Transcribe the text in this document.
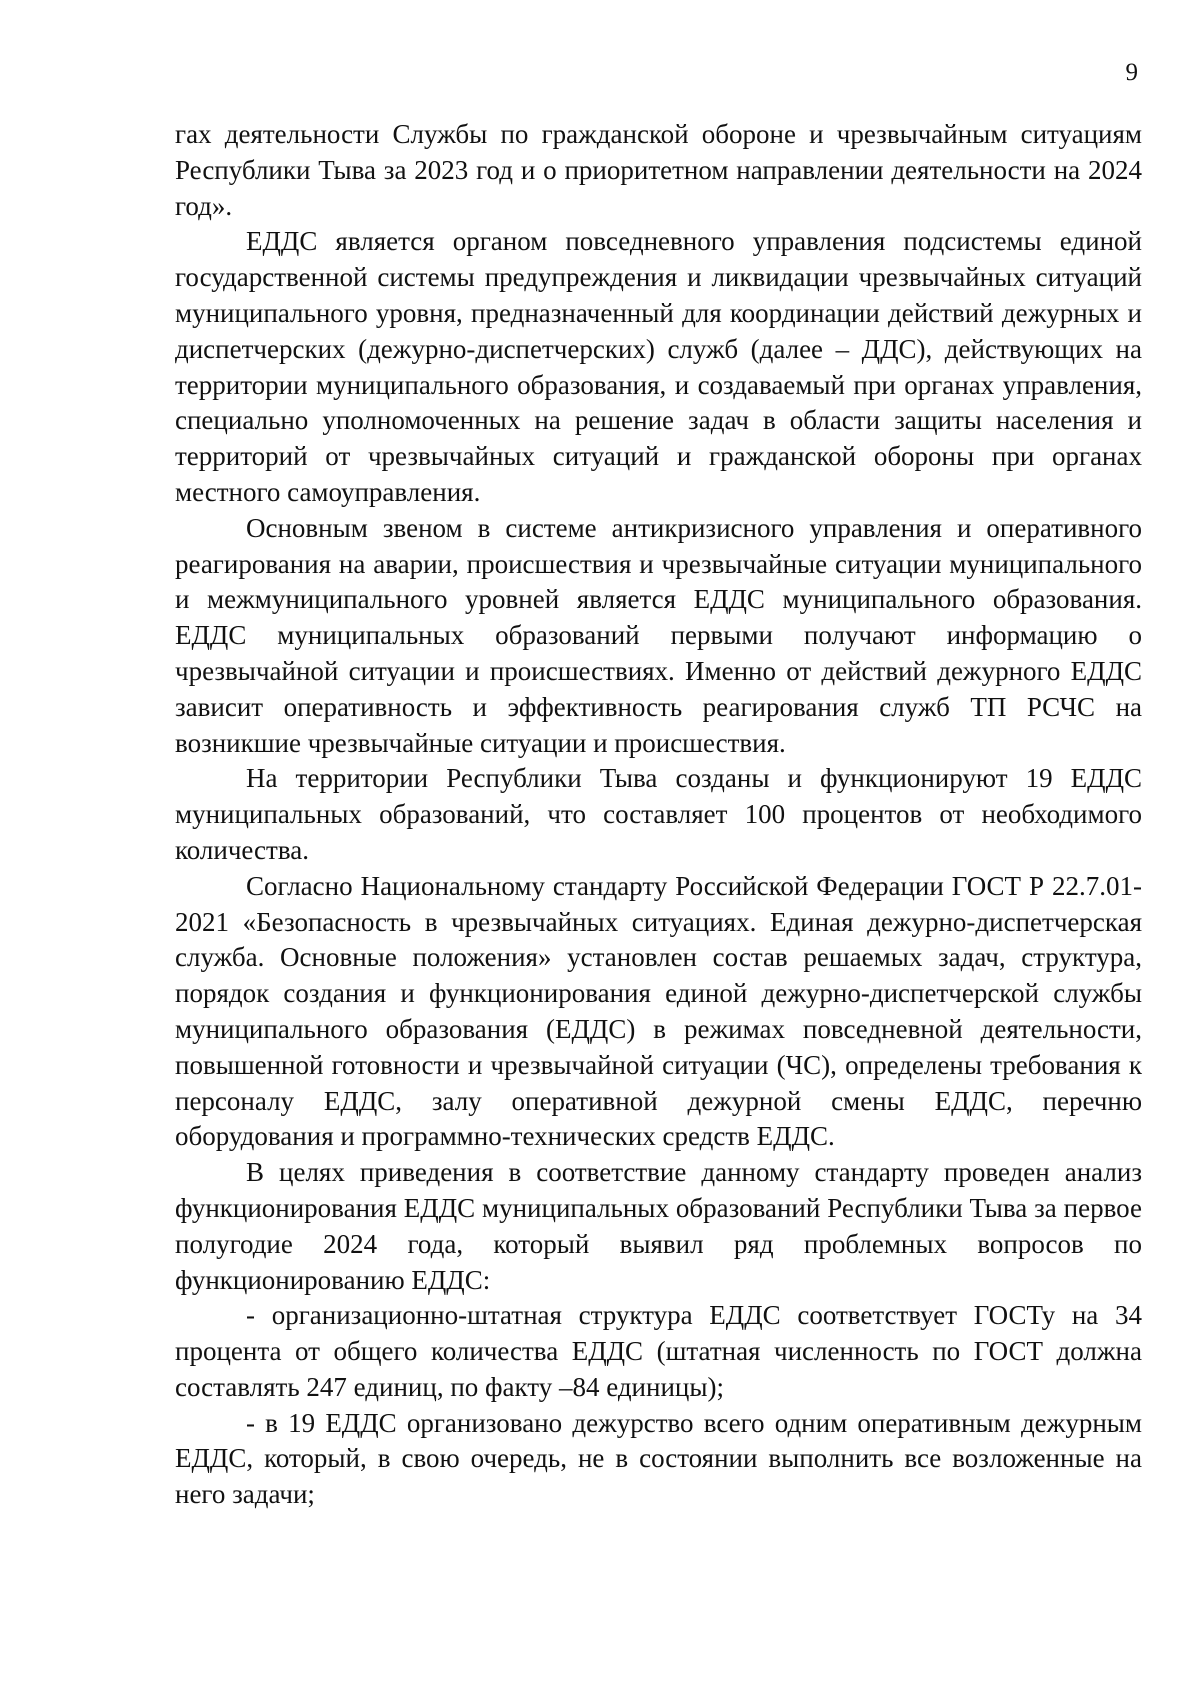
9

гах деятельности Службы по гражданской обороне и чрезвычайным ситуациям Республики Тыва за 2023 год и о приоритетном направлении деятельности на 2024 год».

ЕДДС является органом повседневного управления подсистемы единой государственной системы предупреждения и ликвидации чрезвычайных ситуаций муниципального уровня, предназначенный для координации действий дежурных и диспетчерских (дежурно-диспетчерских) служб (далее – ДДС), действующих на территории муниципального образования, и создаваемый при органах управления, специально уполномоченных на решение задач в области защиты населения и территорий от чрезвычайных ситуаций и гражданской обороны при органах местного самоуправления.

Основным звеном в системе антикризисного управления и оперативного реагирования на аварии, происшествия и чрезвычайные ситуации муниципального и межмуниципального уровней является ЕДДС муниципального образования. ЕДДС муниципальных образований первыми получают информацию о чрезвычайной ситуации и происшествиях. Именно от действий дежурного ЕДДС зависит оперативность и эффективность реагирования служб ТП РСЧС на возникшие чрезвычайные ситуации и происшествия.

На территории Республики Тыва созданы и функционируют 19 ЕДДС муниципальных образований, что составляет 100 процентов от необходимого количества.

Согласно Национальному стандарту Российской Федерации ГОСТ Р 22.7.01-2021 «Безопасность в чрезвычайных ситуациях. Единая дежурно-диспетчерская служба. Основные положения» установлен состав решаемых задач, структура, порядок создания и функционирования единой дежурно-диспетчерской службы муниципального образования (ЕДДС) в режимах повседневной деятельности, повышенной готовности и чрезвычайной ситуации (ЧС), определены требования к персоналу ЕДДС, залу оперативной дежурной смены ЕДДС, перечню оборудования и программно-технических средств ЕДДС.

В целях приведения в соответствие данному стандарту проведен анализ функционирования ЕДДС муниципальных образований Республики Тыва за первое полугодие 2024 года, который выявил ряд проблемных вопросов по функционированию ЕДДС:

- организационно-штатная структура ЕДДС соответствует ГОСТу на 34 процента от общего количества ЕДДС (штатная численность по ГОСТ должна составлять 247 единиц, по факту –84 единицы);

- в 19 ЕДДС организовано дежурство всего одним оперативным дежурным ЕДДС, который, в свою очередь, не в состоянии выполнить все возложенные на него задачи;
